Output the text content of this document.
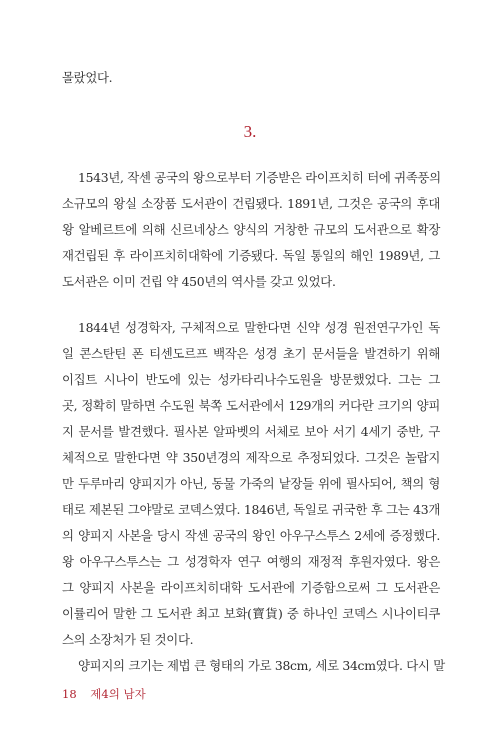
몰랐었다.
3.
1543년, 작센 공국의 왕으로부터 기증받은 라이프치히 터에 귀족풍의
소규모의 왕실 소장품 도서관이 건립됐다. 1891년, 그것은 공국의 후대
왕 알베르트에 의해 신르네상스 양식의 거창한 규모의 도서관으로 확장
재건립된 후 라이프치히대학에 기증됐다. 독일 통일의 해인 1989년, 그
도서관은 이미 건립 약 450년의 역사를 갖고 있었다.
1844년 성경학자, 구체적으로 말한다면 신약 성경 원전연구가인 독
일 콘스탄틴 폰 티센도르프 백작은 성경 초기 문서들을 발견하기 위해
이집트 시나이 반도에 있는 성카타리나수도원을 방문했었다. 그는 그
곳, 정확히 말하면 수도원 북쪽 도서관에서 129개의 커다란 크기의 양피
지 문서를 발견했다. 필사본 알파벳의 서체로 보아 서기 4세기 중반, 구
체적으로 말한다면 약 350년경의 제작으로 추정되었다. 그것은 놀랍지
만 두루마리 양피지가 아닌, 동물 가죽의 낱장들 위에 필사되어, 책의 형
태로 제본된 그야말로 코덱스였다. 1846년, 독일로 귀국한 후 그는 43개
의 양피지 사본을 당시 작센 공국의 왕인 아우구스투스 2세에 증정했다.
왕 아우구스투스는 그 성경학자 연구 여행의 재정적 후원자였다. 왕은
그 양피지 사본을 라이프치히대학 도서관에 기증함으로써 그 도서관은
이률리어 말한 그 도서관 최고 보화(寶貨) 중 하나인 코덱스 시나이티쿠
스의 소장처가 된 것이다.
양피지의 크기는 제법 큰 형태의 가로 38cm, 세로 34cm였다. 다시 말
18 제4의 남자
